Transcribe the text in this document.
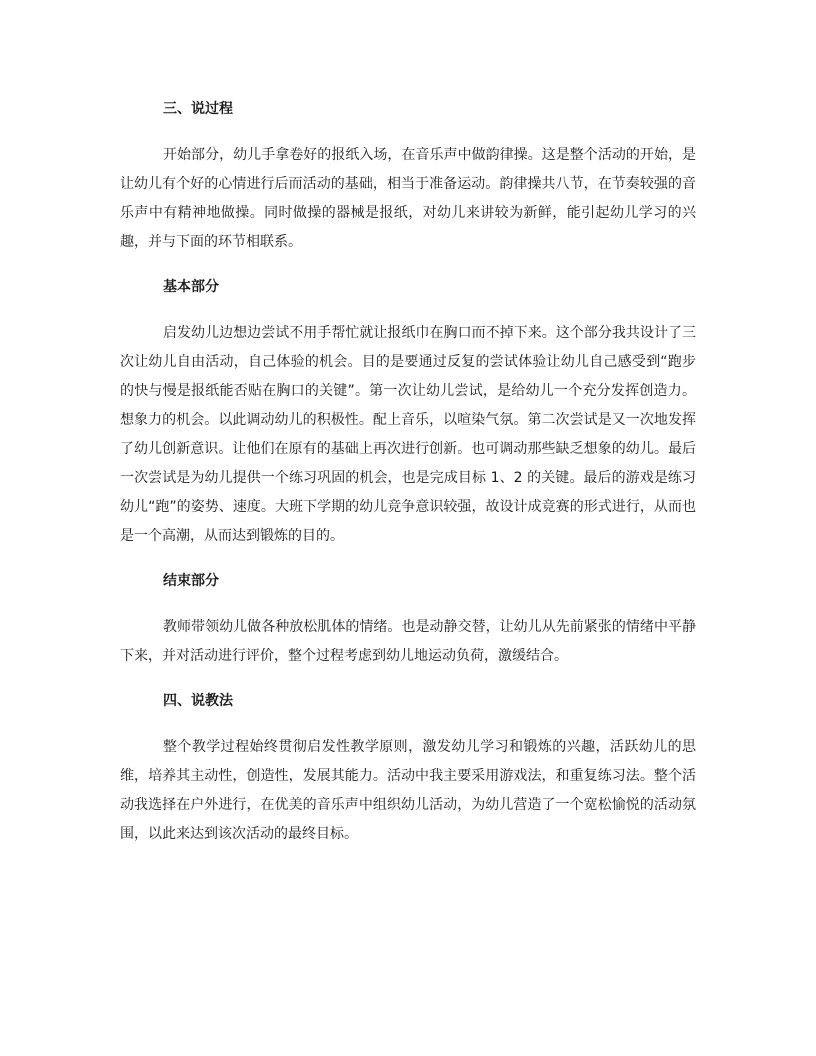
三、说过程

开始部分，幼儿手拿卷好的报纸入场，在音乐声中做韵律操。这是整个活动的开始，是让幼儿有个好的心情进行后而活动的基础，相当于准备运动。韵律操共八节，在节奏较强的音乐声中有精神地做操。同时做操的器械是报纸，对幼儿来讲较为新鲜，能引起幼儿学习的兴趣，并与下面的环节相联系。

基本部分

启发幼儿边想边尝试不用手帮忙就让报纸巾在胸口而不掉下来。这个部分我共设计了三次让幼儿自由活动，自己体验的机会。目的是要通过反复的尝试体验让幼儿自己感受到“跑步的快与慢是报纸能否贴在胸口的关键”。第一次让幼儿尝试，是给幼儿一个充分发挥创造力。想象力的机会。以此调动幼儿的积极性。配上音乐，以喧染气氛。第二次尝试是又一次地发挥了幼儿创新意识。让他们在原有的基础上再次进行创新。也可调动那些缺乏想象的幼儿。最后一次尝试是为幼儿提供一个练习巩固的机会，也是完成目标 1、2 的关键。最后的游戏是练习幼儿“跑”的姿势、速度。大班下学期的幼儿竞争意识较强，故设计成竞赛的形式进行，从而也是一个高潮，从而达到锻炼的目的。

结束部分

教师带领幼儿做各种放松肌体的情绪。也是动静交替，让幼儿从先前紧张的情绪中平静下来，并对活动进行评价，整个过程考虑到幼儿地运动负荷，激缓结合。

四、说教法

整个教学过程始终贯彻启发性教学原则，激发幼儿学习和锻炼的兴趣，活跃幼儿的思维，培养其主动性，创造性，发展其能力。活动中我主要采用游戏法，和重复练习法。整个活动我选择在户外进行，在优美的音乐声中组织幼儿活动，为幼儿营造了一个宽松愉悦的活动氛围，以此来达到该次活动的最终目标。
